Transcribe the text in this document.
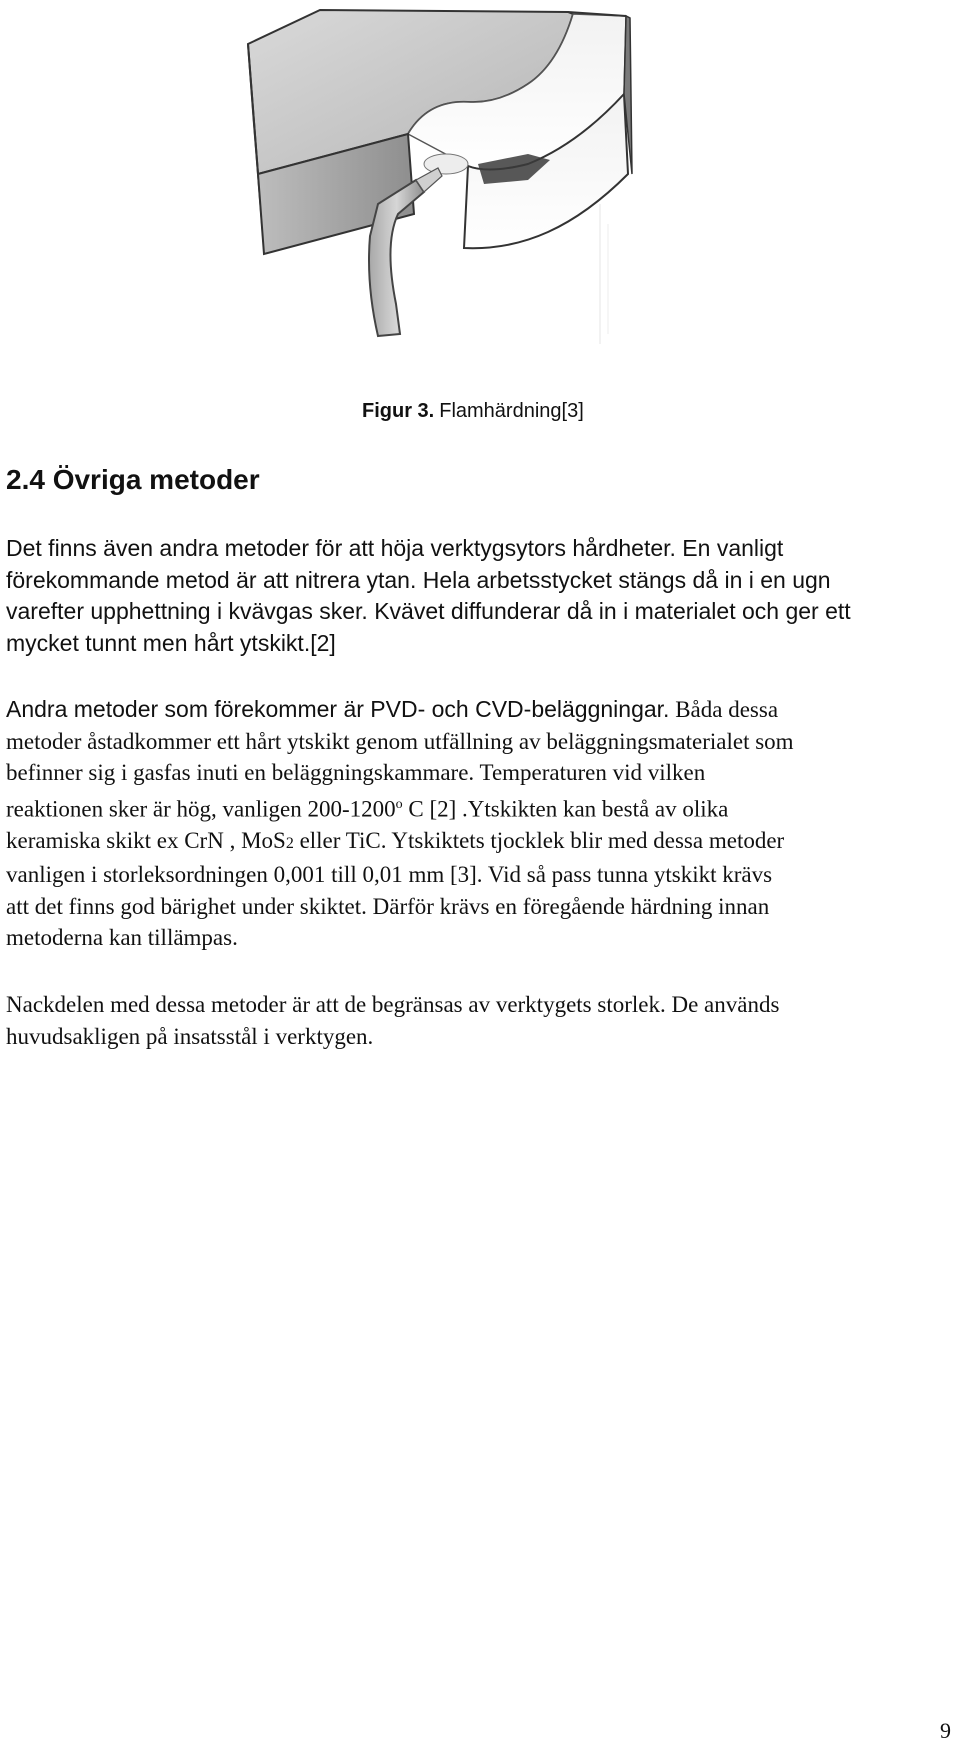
Figur 3. Flamhärdning[3]
2.4 Övriga metoder

Det finns även andra metoder för att höja verktygsytors hårdheter. En vanligt
förekommande metod är att nitrera ytan. Hela arbetsstycket stängs då in i en ugn
varefter upphettning i kvävgas sker. Kvävet diffunderar då in i materialet och ger ett
mycket tunnt men hårt ytskikt.[2]

Andra metoder som förekommer är PVD- och CVD-beläggningar. Båda dessa
metoder åstadkommer ett hårt ytskikt genom utfällning av beläggningsmaterialet som
befinner sig i gasfas inuti en beläggningskammare. Temperaturen vid vilken
reaktionen sker är hög, vanligen 200-1200$^o$ C [2] .Ytskikten kan bestå av olika
keramiska skikt ex CrN , MoS2 eller TiC. Ytskiktets tjocklek blir med dessa metoder
vanligen i storleksordningen 0,001 till 0,01 mm [3]. Vid så pass tunna ytskikt krävs
att det finns god bärighet under skiktet. Därför krävs en föregående härdning innan
metoderna kan tillämpas.

Nackdelen med dessa metoder är att de begränsas av verktygets storlek. De används
huvudsakligen på insatsstål i verktygen.

9
